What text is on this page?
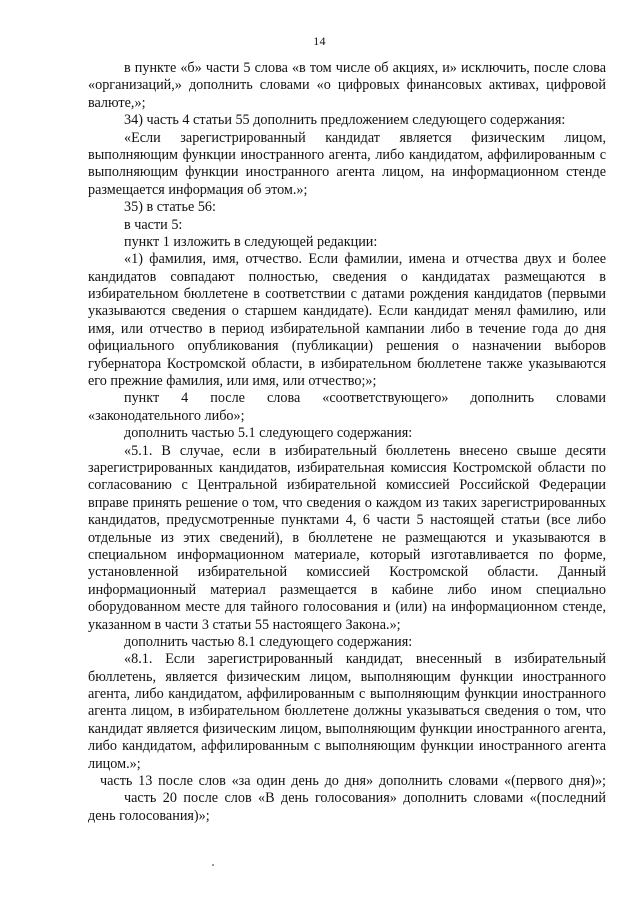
14
в пункте «б» части 5 слова «в том числе об акциях, и» исключить, после слова
«организаций,» дополнить словами «о цифровых финансовых активах, цифровой
валюте,»;
34) часть 4 статьи 55 дополнить предложением следующего содержания:
«Если зарегистрированный кандидат является физическим лицом,
выполняющим функции иностранного агента, либо кандидатом, аффилированным с
выполняющим функции иностранного агента лицом, на информационном стенде
размещается информация об этом.»;
35) в статье 56:
в части 5:
пункт 1 изложить в следующей редакции:
«1) фамилия, имя, отчество. Если фамилии, имена и отчества двух и более
кандидатов совпадают полностью, сведения о кандидатах размещаются в
избирательном бюллетене в соответствии с датами рождения кандидатов (первыми
указываются сведения о старшем кандидате). Если кандидат менял фамилию, или
имя, или отчество в период избирательной кампании либо в течение года до дня
официального опубликования (публикации) решения о назначении выборов
губернатора Костромской области, в избирательном бюллетене также указываются
его прежние фамилия, или имя, или отчество;»;
пункт 4 после слова «соответствующего» дополнить словами
«законодательного либо»;
дополнить частью 5.1 следующего содержания:
«5.1. В случае, если в избирательный бюллетень внесено свыше десяти
зарегистрированных кандидатов, избирательная комиссия Костромской области по
согласованию с Центральной избирательной комиссией Российской Федерации
вправе принять решение о том, что сведения о каждом из таких зарегистрированных
кандидатов, предусмотренные пунктами 4, 6 части 5 настоящей статьи (все либо
отдельные из этих сведений), в бюллетене не размещаются и указываются в
специальном информационном материале, который изготавливается по форме,
установленной избирательной комиссией Костромской области. Данный
информационный материал размещается в кабине либо ином специально
оборудованном месте для тайного голосования и (или) на информационном стенде,
указанном в части 3 статьи 55 настоящего Закона.»;
дополнить частью 8.1 следующего содержания:
«8.1. Если зарегистрированный кандидат, внесенный в избирательный
бюллетень, является физическим лицом, выполняющим функции иностранного
агента, либо кандидатом, аффилированным с выполняющим функции иностранного
агента лицом, в избирательном бюллетене должны указываться сведения о том, что
кандидат является физическим лицом, выполняющим функции иностранного агента,
либо кандидатом, аффилированным с выполняющим функции иностранного агента
лицом.»;
часть 13 после слов «за один день до дня» дополнить словами «(первого дня)»;
часть 20 после слов «В день голосования» дополнить словами «(последний
день голосования)»;
